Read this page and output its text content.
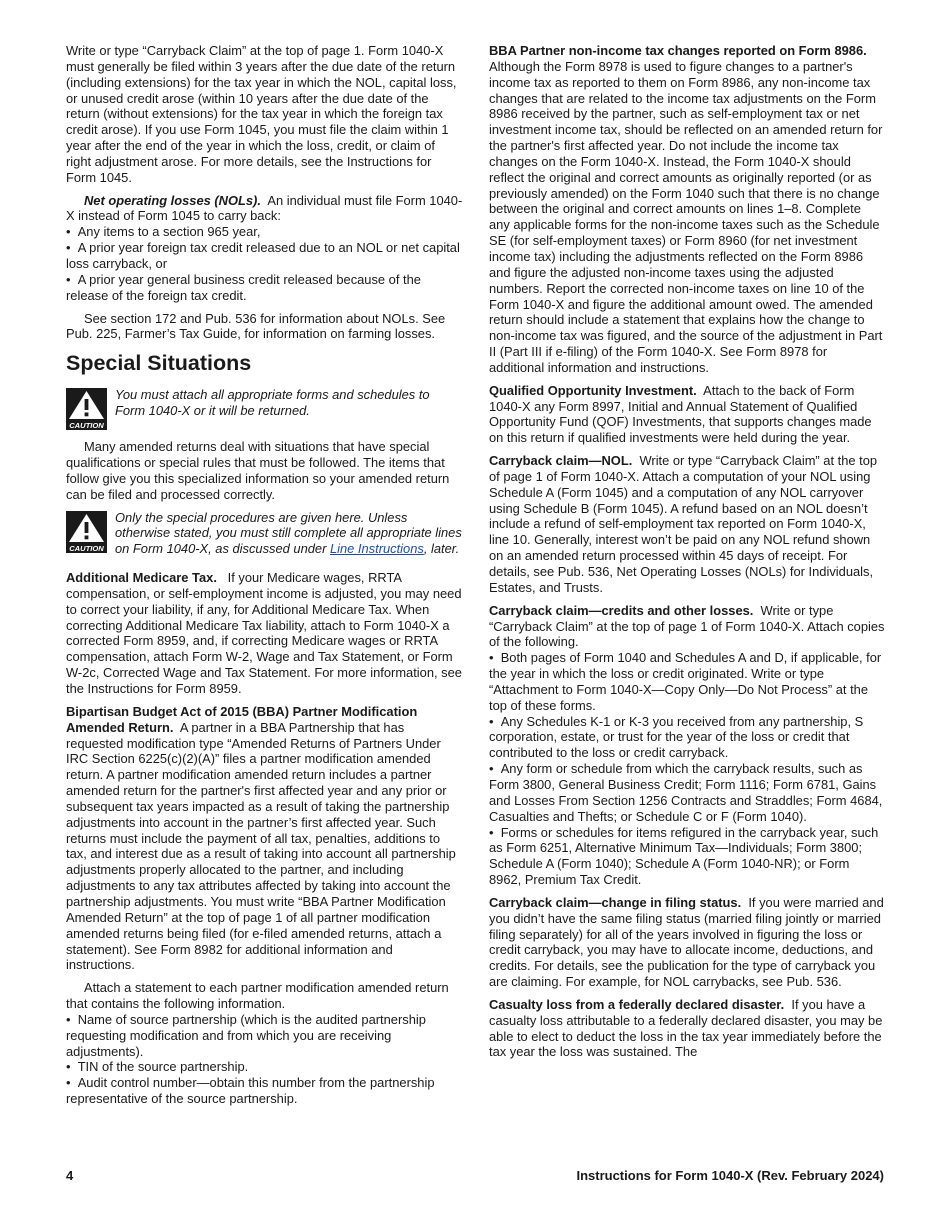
Write or type “Carryback Claim” at the top of page 1. Form 1040-X must generally be filed within 3 years after the due date of the return (including extensions) for the tax year in which the NOL, capital loss, or unused credit arose (within 10 years after the due date of the return (without extensions) for the tax year in which the foreign tax credit arose). If you use Form 1045, you must file the claim within 1 year after the end of the year in which the loss, credit, or claim of right adjustment arose. For more details, see the Instructions for Form 1045.

Net operating losses (NOLs). An individual must file Form 1040-X instead of Form 1045 to carry back:

•  Any items to a section 965 year,

•  A prior year foreign tax credit released due to an NOL or net capital loss carryback, or

•  A prior year general business credit released because of the release of the foreign tax credit.

See section 172 and Pub. 536 for information about NOLs. See Pub. 225, Farmer’s Tax Guide, for information on farming losses.

Special Situations
CAUTION
You must attach all appropriate forms and schedules to Form 1040-X or it will be returned.

Many amended returns deal with situations that have special qualifications or special rules that must be followed. The items that follow give you this specialized information so your amended return can be filed and processed correctly.

CAUTION
Only the special procedures are given here. Unless otherwise stated, you must still complete all appropriate lines on Form 1040-X, as discussed under Line Instructions, later.

Additional Medicare Tax. If your Medicare wages, RRTA compensation, or self-employment income is adjusted, you may need to correct your liability, if any, for Additional Medicare Tax. When correcting Additional Medicare Tax liability, attach to Form 1040-X a corrected Form 8959, and, if correcting Medicare wages or RRTA compensation, attach Form W-2, Wage and Tax Statement, or Form W-2c, Corrected Wage and Tax Statement. For more information, see the Instructions for Form 8959.

Bipartisan Budget Act of 2015 (BBA) Partner Modification Amended Return. A partner in a BBA Partnership that has requested modification type “Amended Returns of Partners Under IRC Section 6225(c)(2)(A)” files a partner modification amended return. A partner modification amended return includes a partner amended return for the partner's first affected year and any prior or subsequent tax years impacted as a result of taking the partnership adjustments into account in the partner’s first affected year. Such returns must include the payment of all tax, penalties, additions to tax, and interest due as a result of taking into account all partnership adjustments properly allocated to the partner, and including adjustments to any tax attributes affected by taking into account the partnership adjustments. You must write “BBA Partner Modification Amended Return” at the top of page 1 of all partner modification amended returns being filed (for e-filed amended returns, attach a statement). See Form 8982 for additional information and instructions.

Attach a statement to each partner modification amended return that contains the following information.

•  Name of source partnership (which is the audited partnership requesting modification and from which you are receiving adjustments).

•  TIN of the source partnership.

•  Audit control number—obtain this number from the partnership representative of the source partnership.

BBA Partner non-income tax changes reported on Form 8986.  Although the Form 8978 is used to figure changes to a partner's income tax as reported to them on Form 8986, any non-income tax changes that are related to the income tax adjustments on the Form 8986 received by the partner, such as self-employment tax or net investment income tax, should be reflected on an amended return for the partner's first affected year. Do not include the income tax changes on the Form 1040-X. Instead, the Form 1040-X should reflect the original and correct amounts as originally reported (or as previously amended) on the Form 1040 such that there is no change between the original and correct amounts on lines 1–8. Complete any applicable forms for the non-income taxes such as the Schedule SE (for self-employment taxes) or Form 8960 (for net investment income tax) including the adjustments reflected on the Form 8986 and figure the adjusted non-income taxes using the adjusted numbers. Report the corrected non-income taxes on line 10 of the Form 1040-X and figure the additional amount owed. The amended return should include a statement that explains how the change to non-income tax was figured, and the source of the adjustment in Part II (Part III if e-filing) of the Form 1040-X. See Form 8978 for additional information and instructions.

Qualified Opportunity Investment. Attach to the back of Form 1040-X any Form 8997, Initial and Annual Statement of Qualified Opportunity Fund (QOF) Investments, that supports changes made on this return if qualified investments were held during the year.

Carryback claim—NOL. Write or type “Carryback Claim” at the top of page 1 of Form 1040-X. Attach a computation of your NOL using Schedule A (Form 1045) and a computation of any NOL carryover using Schedule B (Form 1045). A refund based on an NOL doesn’t include a refund of self-employment tax reported on Form 1040-X, line 10. Generally, interest won’t be paid on any NOL refund shown on an amended return processed within 45 days of receipt. For details, see Pub. 536, Net Operating Losses (NOLs) for Individuals, Estates, and Trusts.

Carryback claim—credits and other losses. Write or type “Carryback Claim” at the top of page 1 of Form 1040-X. Attach copies of the following.

•  Both pages of Form 1040 and Schedules A and D, if applicable, for the year in which the loss or credit originated. Write or type “Attachment to Form 1040-X—Copy Only—Do Not Process” at the top of these forms.

•  Any Schedules K-1 or K-3 you received from any partnership, S corporation, estate, or trust for the year of the loss or credit that contributed to the loss or credit carryback.

•  Any form or schedule from which the carryback results, such as Form 3800, General Business Credit; Form 1116; Form 6781, Gains and Losses From Section 1256 Contracts and Straddles; Form 4684, Casualties and Thefts; or Schedule C or F (Form 1040).

•  Forms or schedules for items refigured in the carryback year, such as Form 6251, Alternative Minimum Tax—Individuals; Form 3800; Schedule A (Form 1040); Schedule A (Form 1040-NR); or Form 8962, Premium Tax Credit.

Carryback claim—change in filing status. If you were married and you didn’t have the same filing status (married filing jointly or married filing separately) for all of the years involved in figuring the loss or credit carryback, you may have to allocate income, deductions, and credits. For details, see the publication for the type of carryback you are claiming. For example, for NOL carrybacks, see Pub. 536.

Casualty loss from a federally declared disaster. If you have a casualty loss attributable to a federally declared disaster, you may be able to elect to deduct the loss in the tax year immediately before the tax year the loss was sustained. The

4	Instructions for Form 1040-X (Rev. February 2024)
